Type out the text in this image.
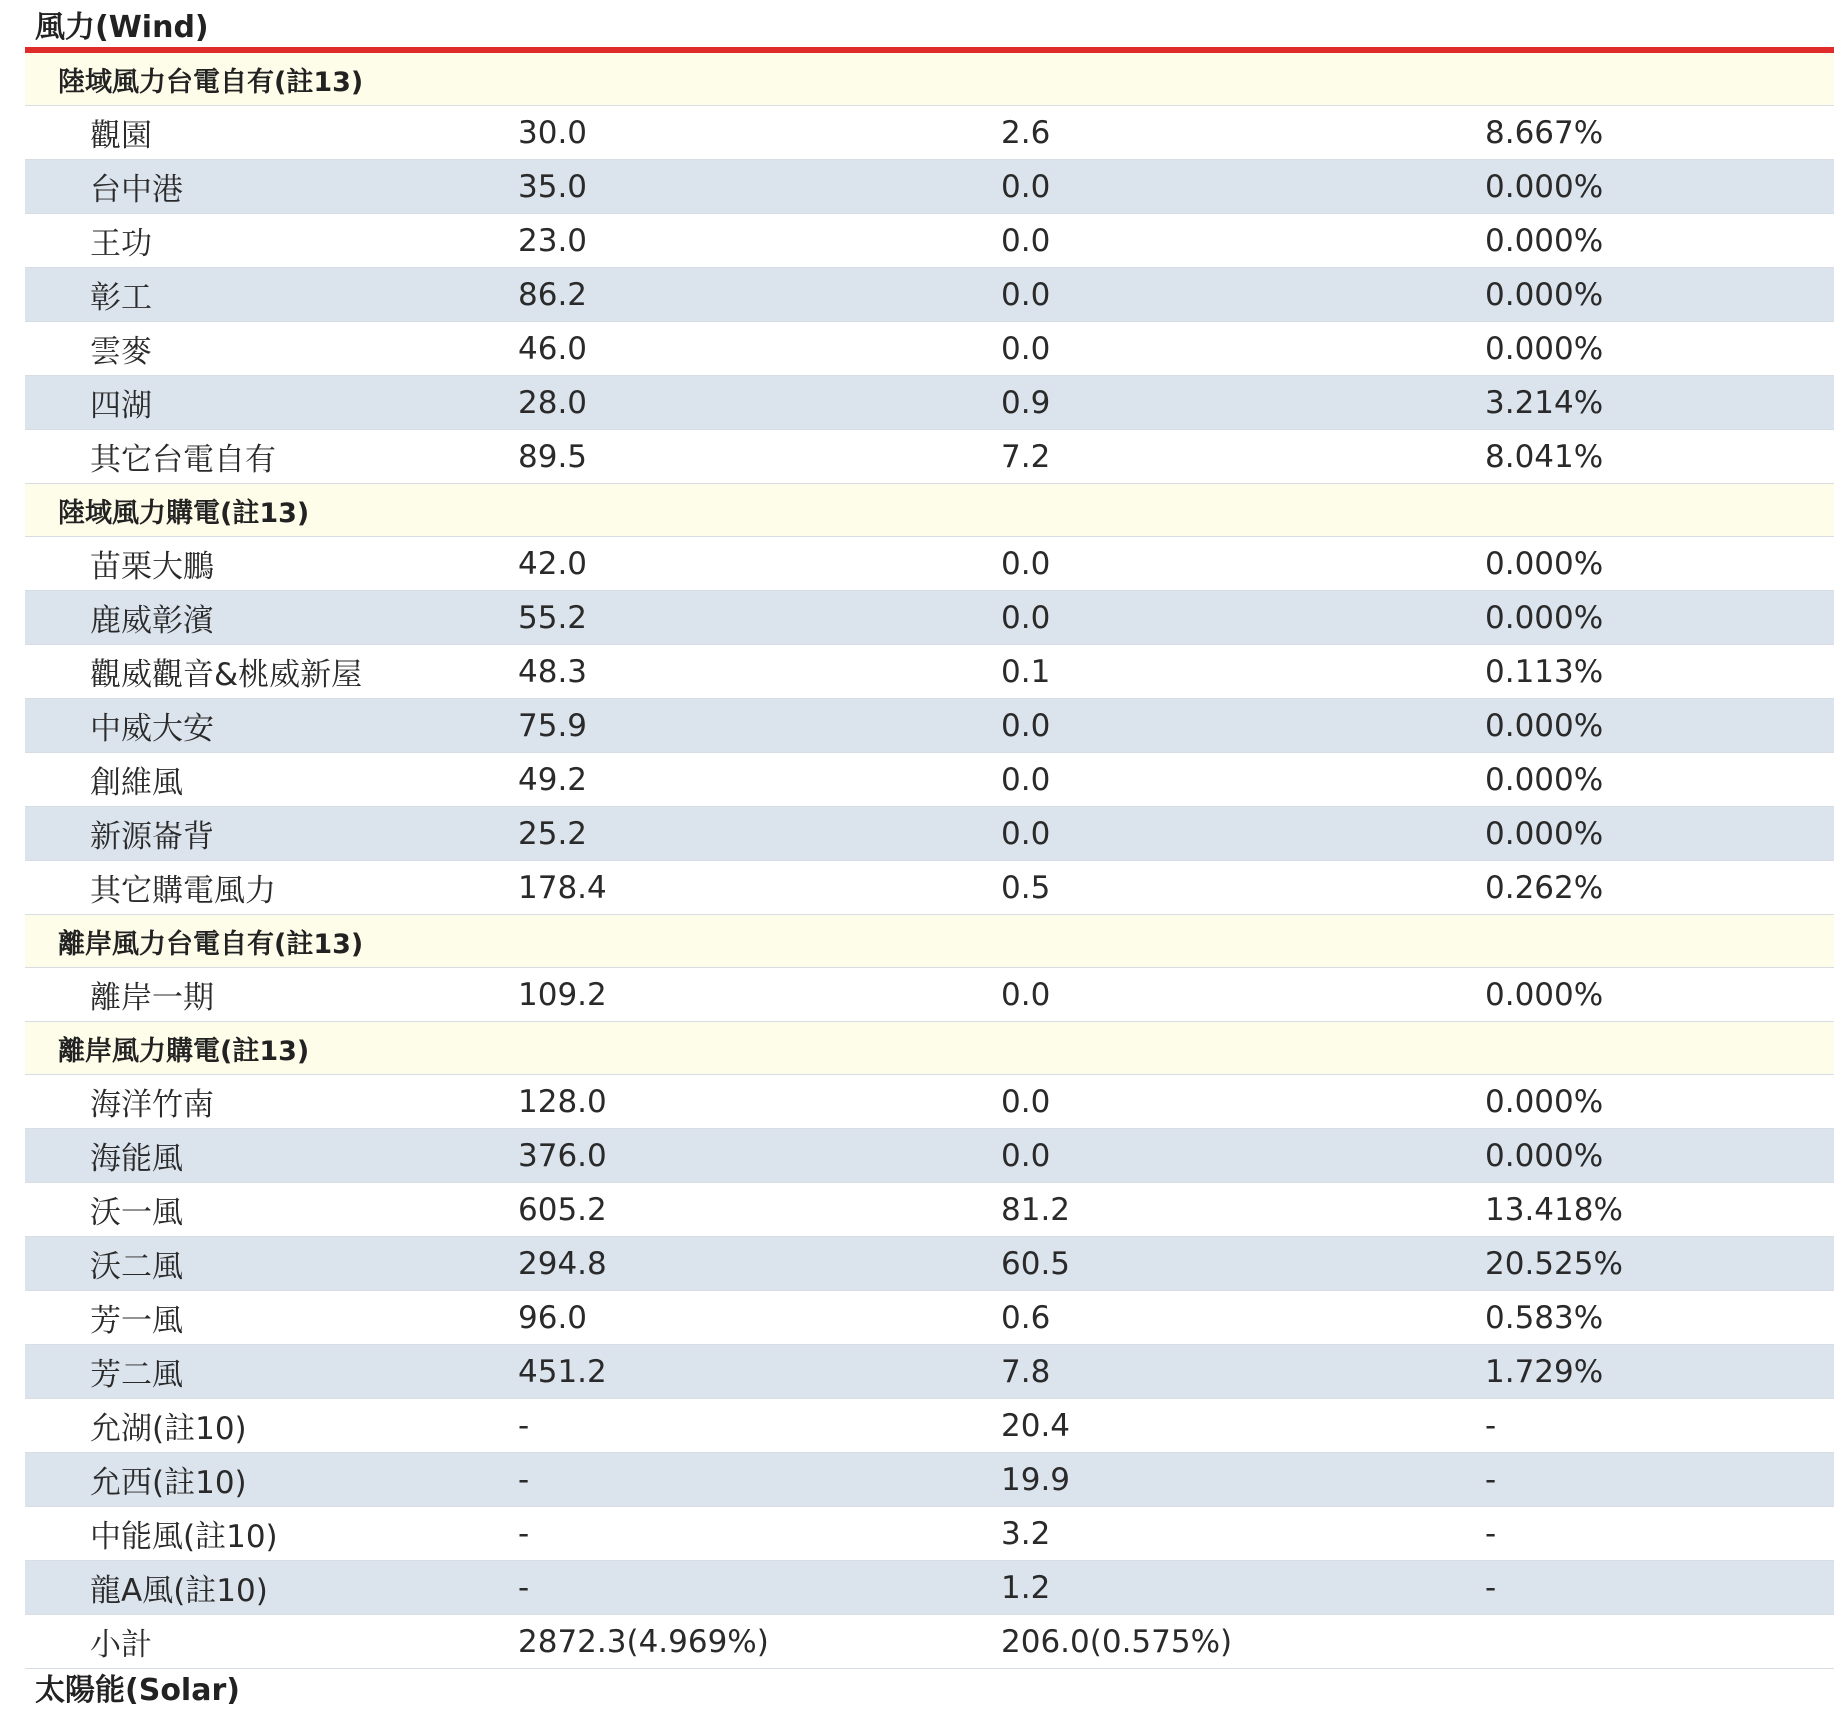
風力(Wind)
陸域風力台電自有(註13)
觀園	30.0	2.6	8.667%
台中港	35.0	0.0	0.000%
王功	23.0	0.0	0.000%
彰工	86.2	0.0	0.000%
雲麥	46.0	0.0	0.000%
四湖	28.0	0.9	3.214%
其它台電自有	89.5	7.2	8.041%
陸域風力購電(註13)
苗栗大鵬	42.0	0.0	0.000%
鹿威彰濱	55.2	0.0	0.000%
觀威觀音&桃威新屋	48.3	0.1	0.113%
中威大安	75.9	0.0	0.000%
創維風	49.2	0.0	0.000%
新源崙背	25.2	0.0	0.000%
其它購電風力	178.4	0.5	0.262%
離岸風力台電自有(註13)
離岸一期	109.2	0.0	0.000%
離岸風力購電(註13)
海洋竹南	128.0	0.0	0.000%
海能風	376.0	0.0	0.000%
沃一風	605.2	81.2	13.418%
沃二風	294.8	60.5	20.525%
芳一風	96.0	0.6	0.583%
芳二風	451.2	7.8	1.729%
允湖(註10)	-	20.4	-
允西(註10)	-	19.9	-
中能風(註10)	-	3.2	-
龍A風(註10)	-	1.2	-
小計	2872.3(4.969%)	206.0(0.575%)
太陽能(Solar)
